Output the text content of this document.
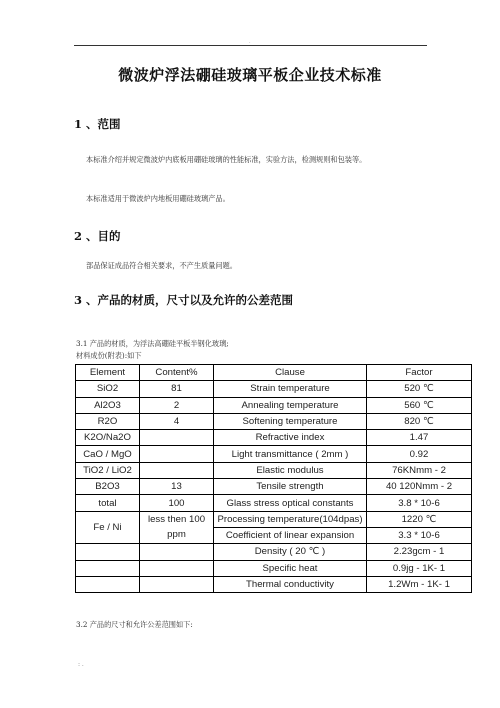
.
微波炉浮法硼硅玻璃平板企业技术标准
1 、范围
本标准介绍并规定微波炉内底板用硼硅玻璃的性能标准，实验方法，检测规则和包装等。
本标准适用于微波炉内地板用硼硅玻璃产品。
2 、目的
部品保证成品符合相关要求，不产生质量问题。
3 、产品的材质，尺寸以及允许的公差范围
3.1 产品的材质，为浮法高硼硅平板半钢化玻璃;
材料成份(附表):如下
Element	Content%	Clause	Factor
SiO2	81	Strain temperature	520 ℃
Al2O3	2	Annealing temperature	560 ℃
R2O	4	Softening temperature	820 ℃
K2O/Na2O		Refractive index	1.47
CaO / MgO		Light transmittance ( 2mm )	0.92
TiO2 / LiO2		Elastic modulus	76KNmm - 2
B2O3	13	Tensile strength	40 120Nmm - 2
total	100	Glass stress optical constants	3.8 * 10-6
Fe / Ni	less then 100 ppm	Processing temperature(104dpas)	1220 ℃
		Coefficient of linear expansion	3.3 * 10-6
		Density ( 20 ℃ )	2.23gcm - 1
		Specific heat	0.9jg - 1K- 1
		Thermal conductivity	1.2Wm - 1K- 1
3.2 产品的尺寸和允许公差范围如下:
: .
